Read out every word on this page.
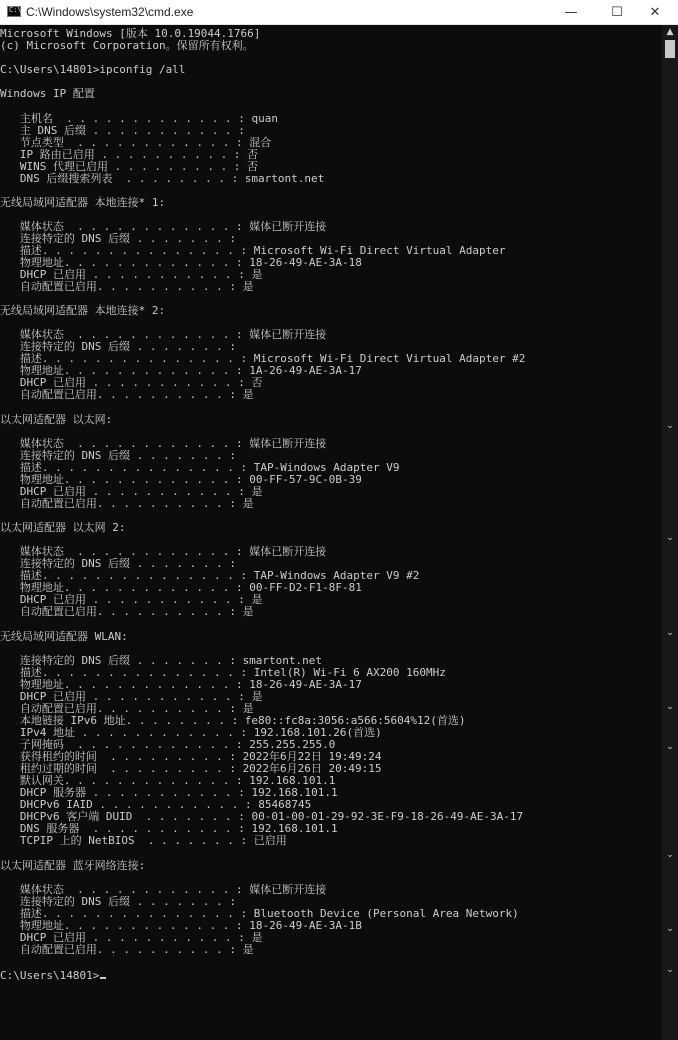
C:\ C:\Windows\system32\cmd.exe	—	☐	✕
Microsoft Windows [版本 10.0.19044.1766]
(c) Microsoft Corporation。保留所有权利。
C:\Users\14801>ipconfig /all
Windows IP 配置
主机名  . . . . . . . . . . . . . : quan
主 DNS 后缀 . . . . . . . . . . . :
节点类型  . . . . . . . . . . . . : 混合
IP 路由已启用 . . . . . . . . . . : 否
WINS 代理已启用 . . . . . . . . . : 否
DNS 后缀搜索列表  . . . . . . . . : smartont.net
无线局域网适配器 本地连接* 1:
媒体状态  . . . . . . . . . . . . : 媒体已断开连接
连接特定的 DNS 后缀 . . . . . . . :
描述. . . . . . . . . . . . . . . : Microsoft Wi-Fi Direct Virtual Adapter
物理地址. . . . . . . . . . . . . : 18-26-49-AE-3A-18
DHCP 已启用 . . . . . . . . . . . : 是
自动配置已启用. . . . . . . . . . : 是
无线局域网适配器 本地连接* 2:
媒体状态  . . . . . . . . . . . . : 媒体已断开连接
连接特定的 DNS 后缀 . . . . . . . :
描述. . . . . . . . . . . . . . . : Microsoft Wi-Fi Direct Virtual Adapter #2
物理地址. . . . . . . . . . . . . : 1A-26-49-AE-3A-17
DHCP 已启用 . . . . . . . . . . . : 否
自动配置已启用. . . . . . . . . . : 是
以太网适配器 以太网:
媒体状态  . . . . . . . . . . . . : 媒体已断开连接
连接特定的 DNS 后缀 . . . . . . . :
描述. . . . . . . . . . . . . . . : TAP-Windows Adapter V9
物理地址. . . . . . . . . . . . . : 00-FF-57-9C-0B-39
DHCP 已启用 . . . . . . . . . . . : 是
自动配置已启用. . . . . . . . . . : 是
以太网适配器 以太网 2:
媒体状态  . . . . . . . . . . . . : 媒体已断开连接
连接特定的 DNS 后缀 . . . . . . . :
描述. . . . . . . . . . . . . . . : TAP-Windows Adapter V9 #2
物理地址. . . . . . . . . . . . . : 00-FF-D2-F1-8F-81
DHCP 已启用 . . . . . . . . . . . : 是
自动配置已启用. . . . . . . . . . : 是
无线局域网适配器 WLAN:
连接特定的 DNS 后缀 . . . . . . . : smartont.net
描述. . . . . . . . . . . . . . . : Intel(R) Wi-Fi 6 AX200 160MHz
物理地址. . . . . . . . . . . . . : 18-26-49-AE-3A-17
DHCP 已启用 . . . . . . . . . . . : 是
自动配置已启用. . . . . . . . . . : 是
本地链接 IPv6 地址. . . . . . . . : fe80::fc8a:3056:a566:5604%12(首选)
IPv4 地址 . . . . . . . . . . . . : 192.168.101.26(首选)
子网掩码  . . . . . . . . . . . . : 255.255.255.0
获得租约的时间  . . . . . . . . . : 2022年6月22日 19:49:24
租约过期的时间  . . . . . . . . . : 2022年6月26日 20:49:15
默认网关. . . . . . . . . . . . . : 192.168.101.1
DHCP 服务器 . . . . . . . . . . . : 192.168.101.1
DHCPv6 IAID . . . . . . . . . . . : 85468745
DHCPv6 客户端 DUID  . . . . . . . : 00-01-00-01-29-92-3E-F9-18-26-49-AE-3A-17
DNS 服务器  . . . . . . . . . . . : 192.168.101.1
TCPIP 上的 NetBIOS  . . . . . . . : 已启用
以太网适配器 蓝牙网络连接:
媒体状态  . . . . . . . . . . . . : 媒体已断开连接
连接特定的 DNS 后缀 . . . . . . . :
描述. . . . . . . . . . . . . . . : Bluetooth Device (Personal Area Network)
物理地址. . . . . . . . . . . . . : 18-26-49-AE-3A-1B
DHCP 已启用 . . . . . . . . . . . : 是
自动配置已启用. . . . . . . . . . : 是
C:\Users\14801>
▲
⌄
⌄
⌄
⌄
⌄
⌄
⌄
⌄
